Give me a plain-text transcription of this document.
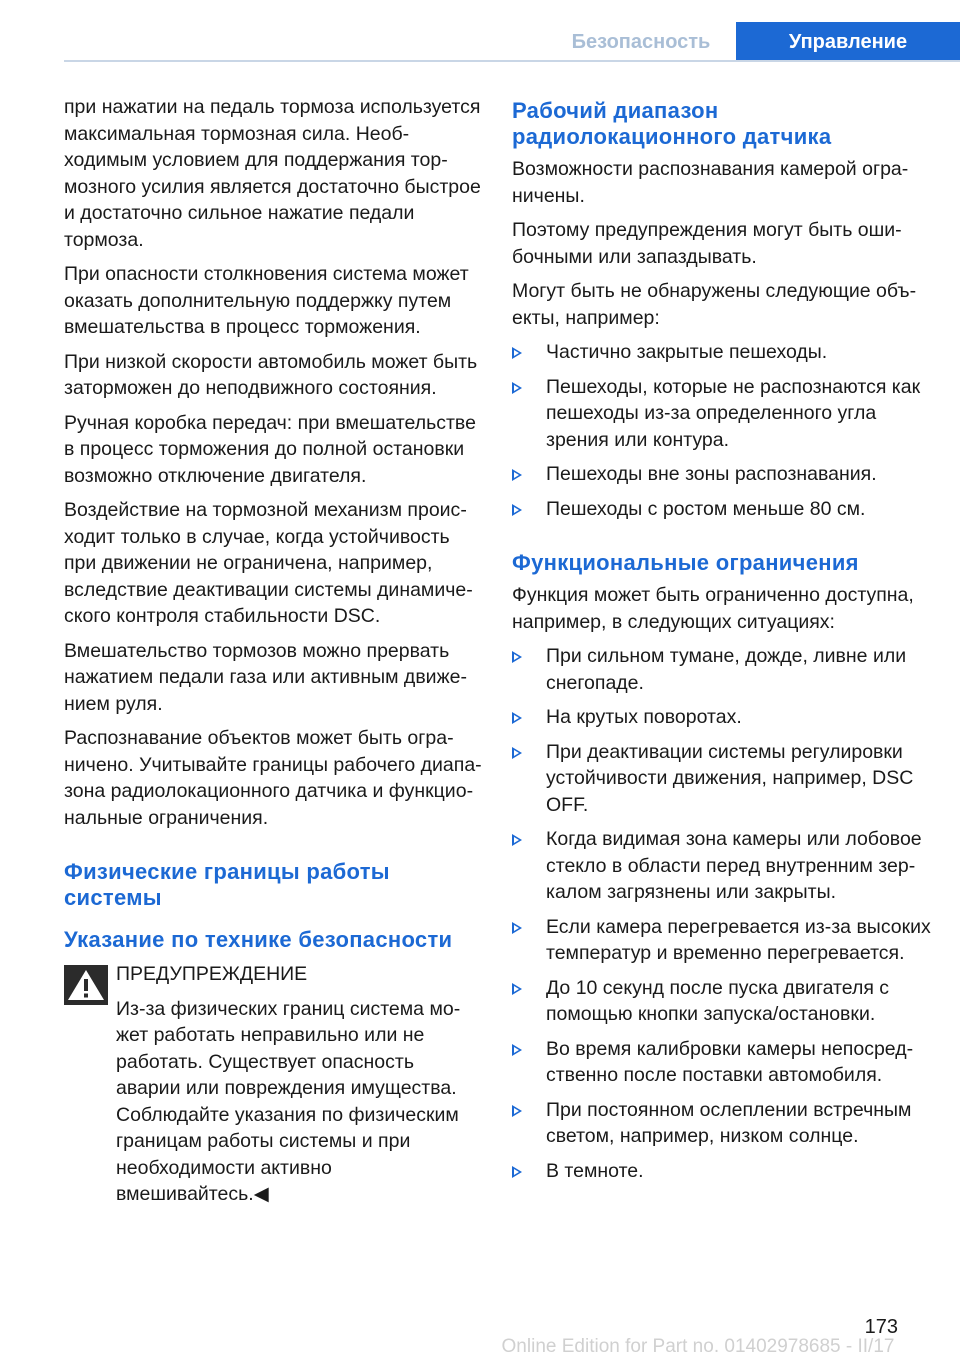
Безопасность	Управление

при нажатии на педаль тормоза используется максимальная тормозная сила. Необходимым условием для поддержания тормозного усилия является достаточно быстрое и достаточно сильное нажатие педали тормоза.

При опасности столкновения система может оказать дополнительную поддержку путем вмешательства в процесс торможения.

При низкой скорости автомобиль может быть заторможен до неподвижного состояния.

Ручная коробка передач: при вмешательстве в процесс торможения до полной остановки возможно отключение двигателя.

Воздействие на тормозной механизм происходит только в случае, когда устойчивость при движении не ограничена, например, вследствие деактивации системы динамического контроля стабильности DSC.

Вмешательство тормозов можно прервать нажатием педали газа или активным движением руля.

Распознавание объектов может быть ограничено. Учитывайте границы рабочего диапазона радиолокационного датчика и функциональные ограничения.

Физические границы работы системы
Указание по технике безопасности

ПРЕДУПРЕЖДЕНИЕ

Из-за физических границ система может работать неправильно или не работать. Существует опасность аварии или повреждения имущества. Соблюдайте указания по физическим границам работы системы и при необходимости активно вмешивайтесь.◀

Рабочий диапазон радиолокационного датчика

Возможности распознавания камерой ограничены.

Поэтому предупреждения могут быть ошибочными или запаздывать.

Могут быть не обнаружены следующие объекты, например:

Частично закрытые пешеходы.
Пешеходы, которые не распознаются как пешеходы из-за определенного угла зрения или контура.
Пешеходы вне зоны распознавания.
Пешеходы с ростом меньше 80 см.
Функциональные ограничения

Функция может быть ограниченно доступна, например, в следующих ситуациях:

При сильном тумане, дожде, ливне или снегопаде.
На крутых поворотах.
При деактивации системы регулировки устойчивости движения, например, DSC OFF.
Когда видимая зона камеры или лобовое стекло в области перед внутренним зеркалом загрязнены или закрыты.
Если камера перегревается из-за высоких температур и временно перегревается.
До 10 секунд после пуска двигателя с помощью кнопки запуска/остановки.
Во время калибровки камеры непосредственно после поставки автомобиля.
При постоянном ослеплении встречным светом, например, низком солнце.
В темноте.
173
Online Edition for Part no. 01402978685 - II/17
